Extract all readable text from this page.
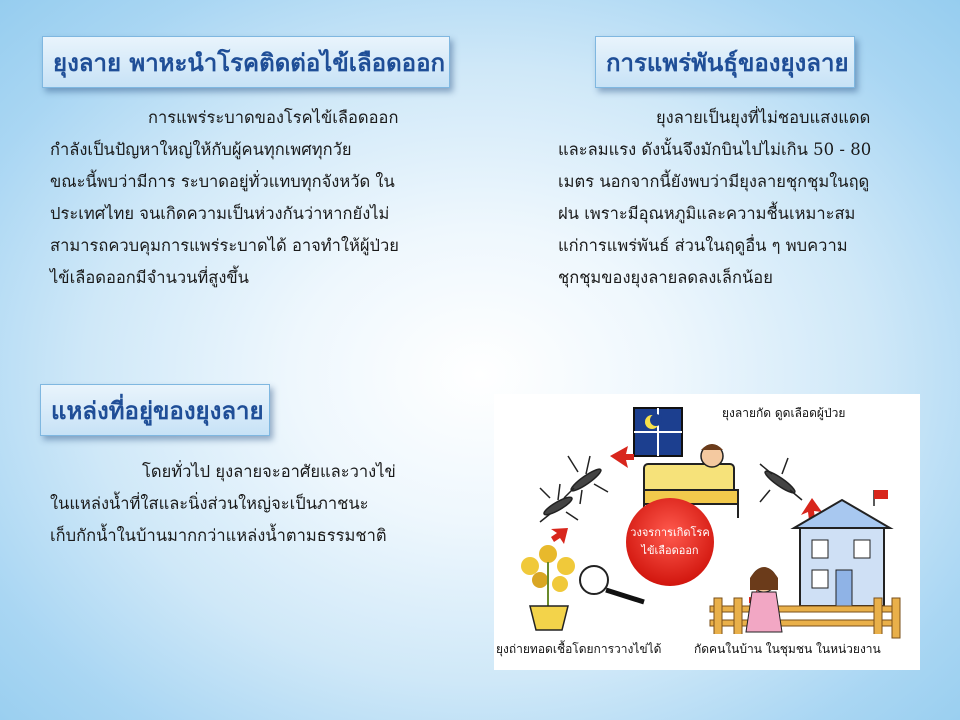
ยุงลาย พาหะนำโรคติดต่อไข้เลือดออก
การแพร่ระบาดของโรคไข้เลือดออก
กำลังเป็นปัญหาใหญ่ให้กับผู้คนทุกเพศทุกวัย
ขณะนี้พบว่ามีการ ระบาดอยู่ทั่วแทบทุกจังหวัด ใน
ประเทศไทย จนเกิดความเป็นห่วงกันว่าหากยังไม่
สามารถควบคุมการแพร่ระบาดได้ อาจทำให้ผู้ป่วย
ไข้เลือดออกมีจำนวนที่สูงขึ้น
การแพร่พันธุ์ของยุงลาย
ยุงลายเป็นยุงที่ไม่ชอบแสงแดด
และลมแรง ดังนั้นจึงมักบินไปไม่เกิน 50 - 80
เมตร นอกจากนี้ยังพบว่ามียุงลายชุกชุมในฤดู
ฝน เพราะมีอุณหภูมิและความชื้นเหมาะสม
แก่การแพร่พันธ์ ส่วนในฤดูอื่น ๆ พบความ
ชุกชุมของยุงลายลดลงเล็กน้อย
แหล่งที่อยู่ของยุงลาย
โดยทั่วไป ยุงลายจะอาศัยและวางไข่
ในแหล่งน้ำที่ใสและนิ่งส่วนใหญ่จะเป็นภาชนะ
เก็บกักน้ำในบ้านมากกว่าแหล่งน้ำตามธรรมชาติ	วงจรการเกิดโรค
ไข้เลือดออก
ยุงลายกัด ดูดเลือดผู้ป่วย
ยุงถ่ายทอดเชื้อโดยการวางไข่ได้	กัดคนในบ้าน ในชุมชน ในหน่วยงาน
